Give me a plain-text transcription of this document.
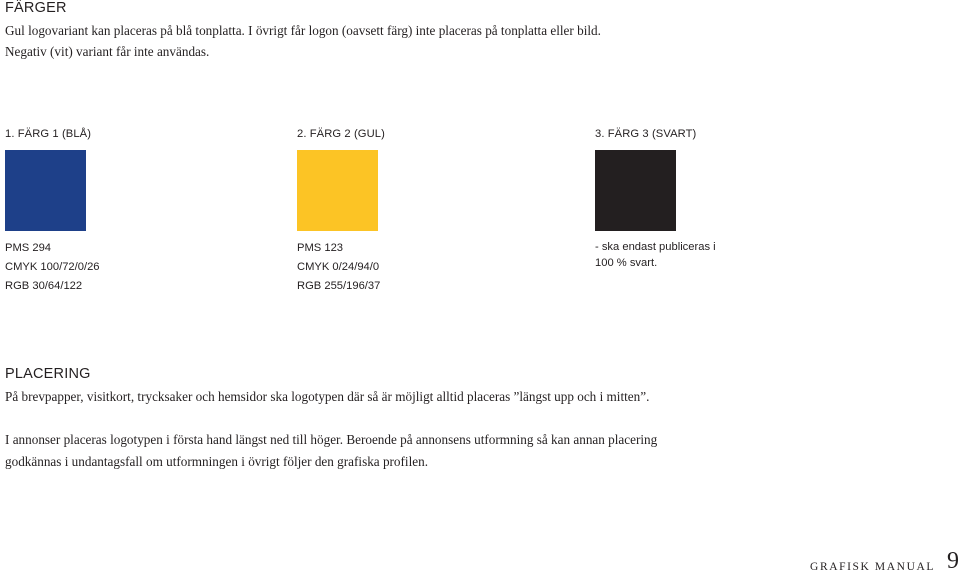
FÄRGER

Gul logovariant kan placeras på blå tonplatta. I övrigt får logon (oavsett färg) inte placeras på tonplatta eller bild.

Negativ (vit) variant får inte användas.

1. FÄRG 1 (BLÅ)
PMS 294
CMYK 100/72/0/26
RGB 30/64/122
2. FÄRG 2 (GUL)
PMS 123
CMYK 0/24/94/0
RGB 255/196/37
3. FÄRG 3 (SVART)
- ska endast publiceras i
100 % svart.
PLACERING

På brevpapper, visitkort, trycksaker och hemsidor ska logotypen där så är möjligt alltid placeras ”längst upp och i mitten”.

I annonser placeras logotypen i första hand längst ned till höger. Beroende på annonsens utformning så kan annan placering

godkännas i undantagsfall om utformningen i övrigt följer den grafiska profilen.

GRAFISK MANUAL 9
